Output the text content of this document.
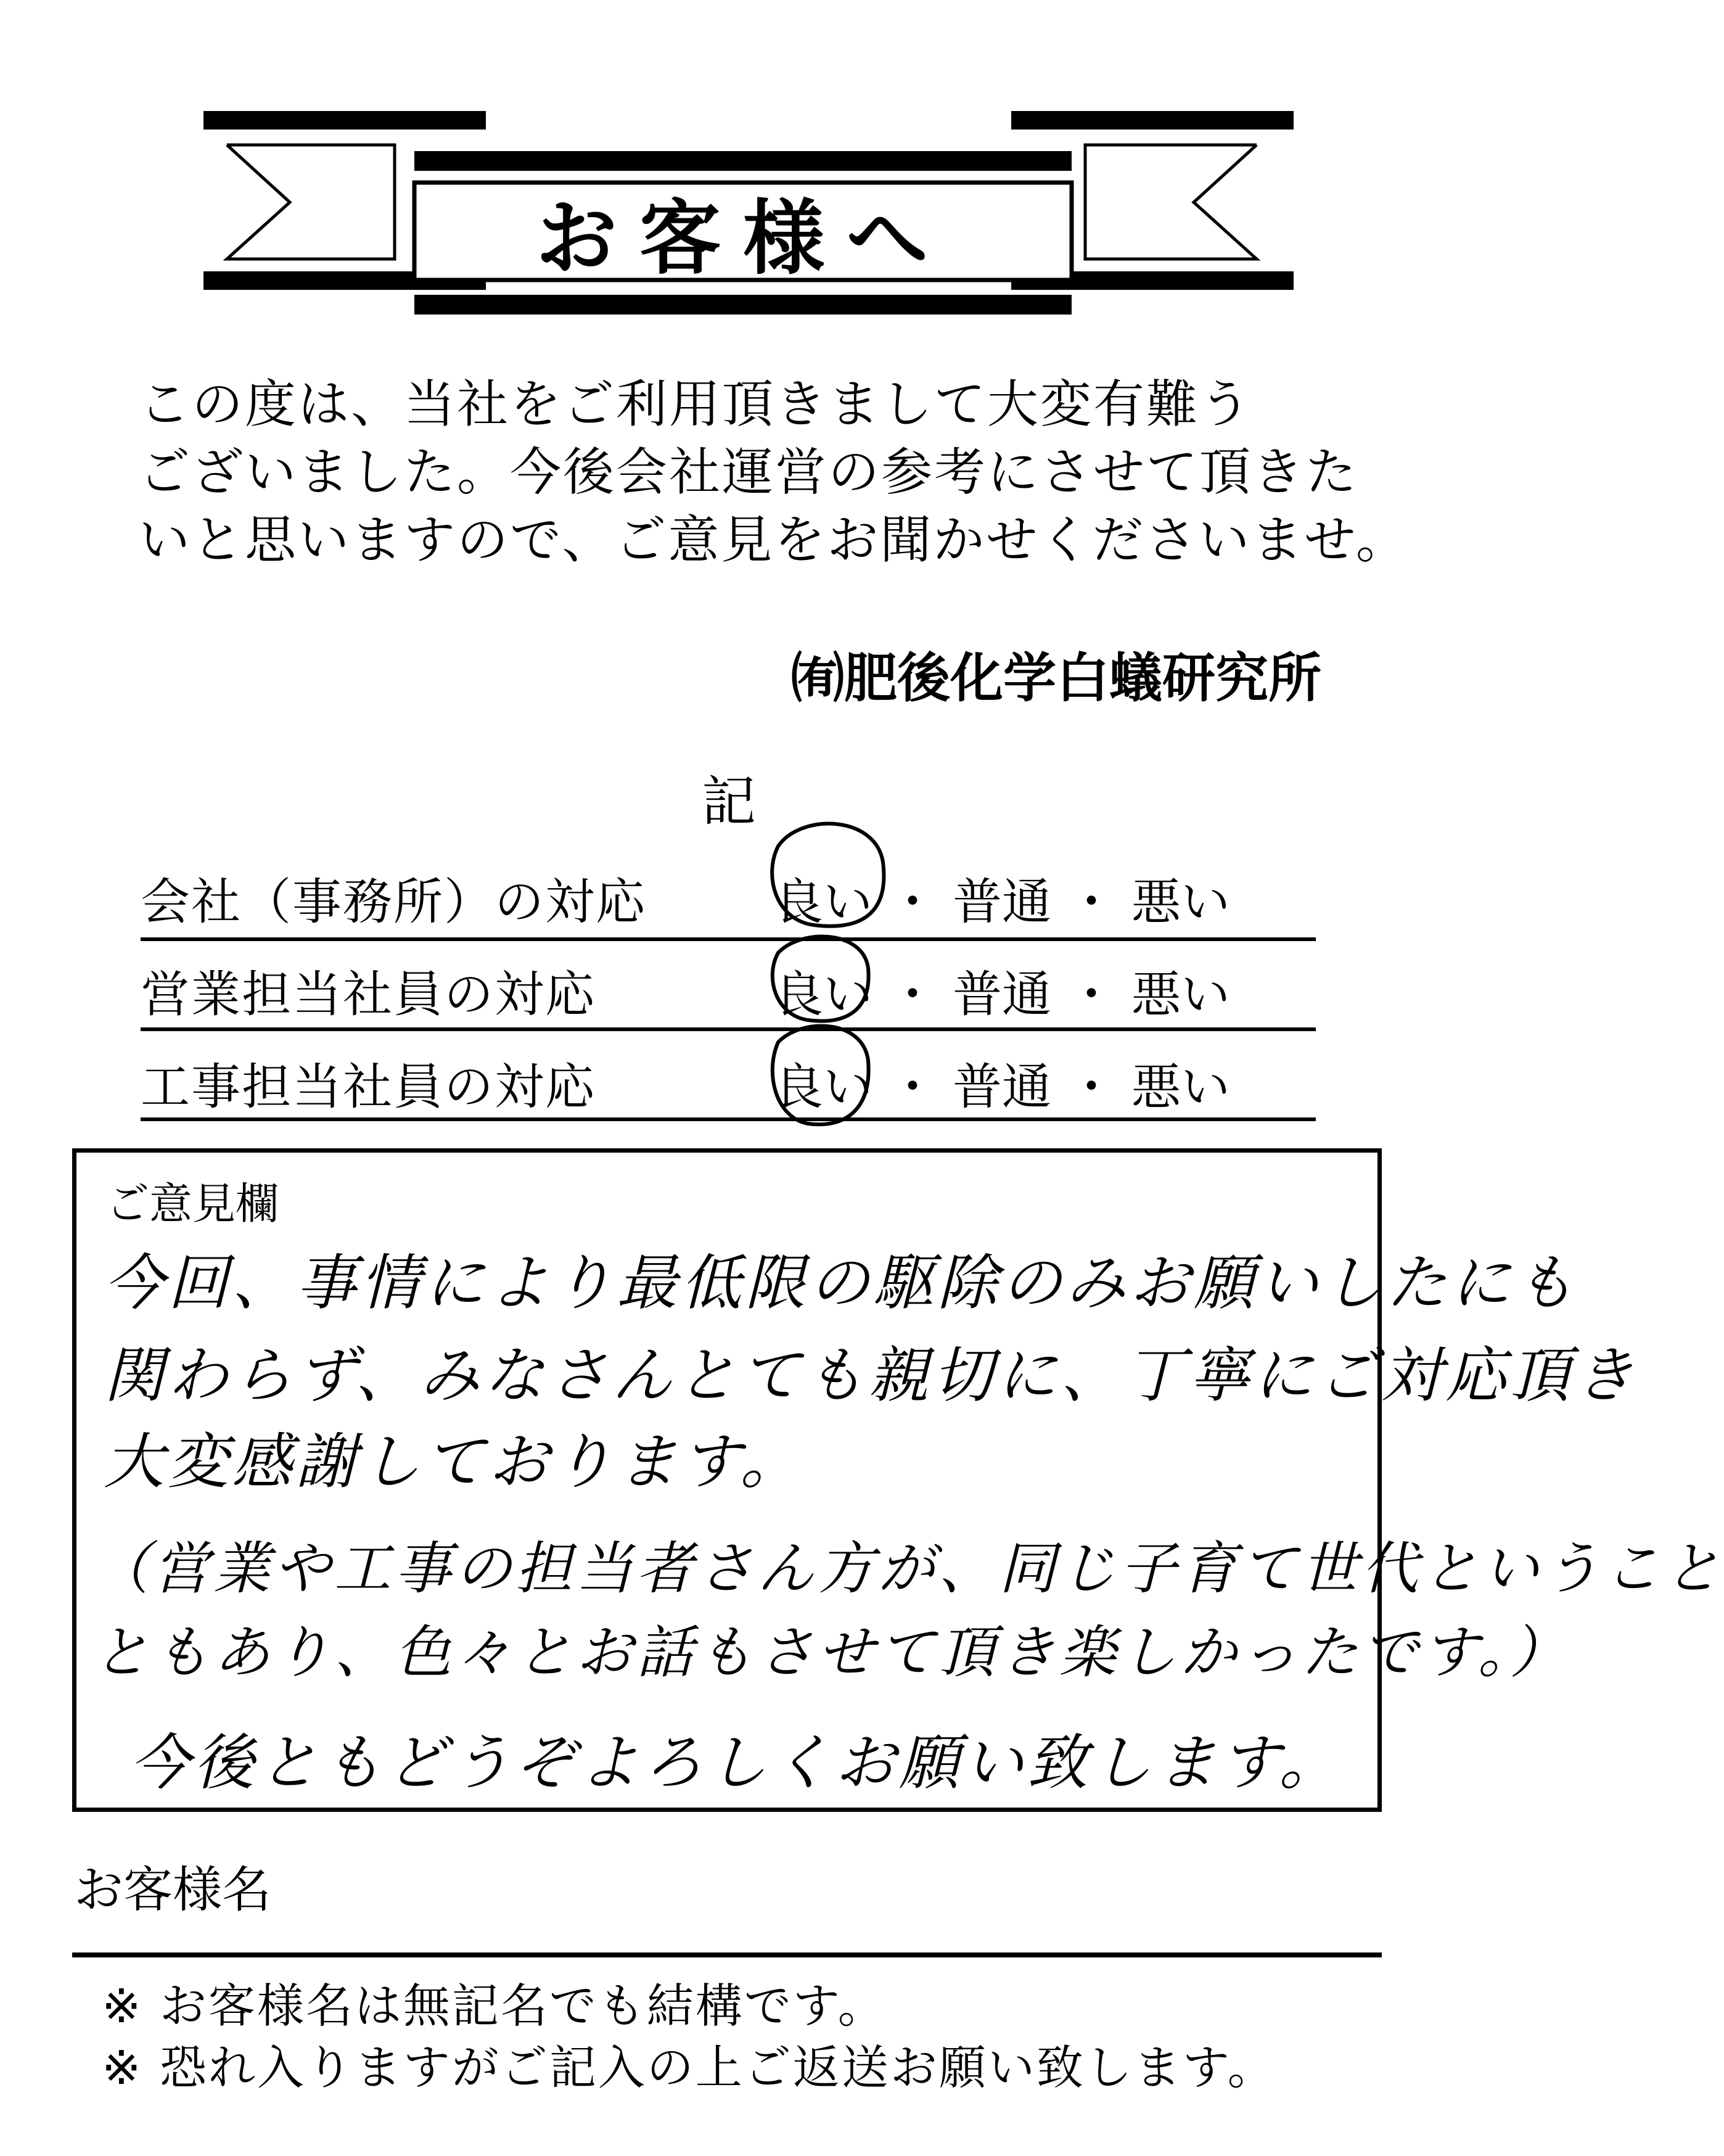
お客様へ
この度は、当社をご利用頂きまして大変有難う
ございました。今後会社運営の参考にさせて頂きた
いと思いますので、ご意見をお聞かせくださいませ。
㈲肥後化学白蟻研究所
記
会社（事務所）の対応	良い ・ 普通 ・ 悪い
営業担当社員の対応	良い ・ 普通 ・ 悪い
工事担当社員の対応	良い ・ 普通 ・ 悪い
ご意見欄
今回、事情により最低限の駆除のみお願いしたにも
関わらず、みなさんとても親切に、丁寧にご対応頂き
大変感謝しております。
（営業や工事の担当者さん方が、同じ子育て世代ということ
ともあり、色々とお話もさせて頂き楽しかったです。）
今後ともどうぞよろしくお願い致します。
お客様名
※ お客様名は無記名でも結構です。
※ 恐れ入りますがご記入の上ご返送お願い致します。
